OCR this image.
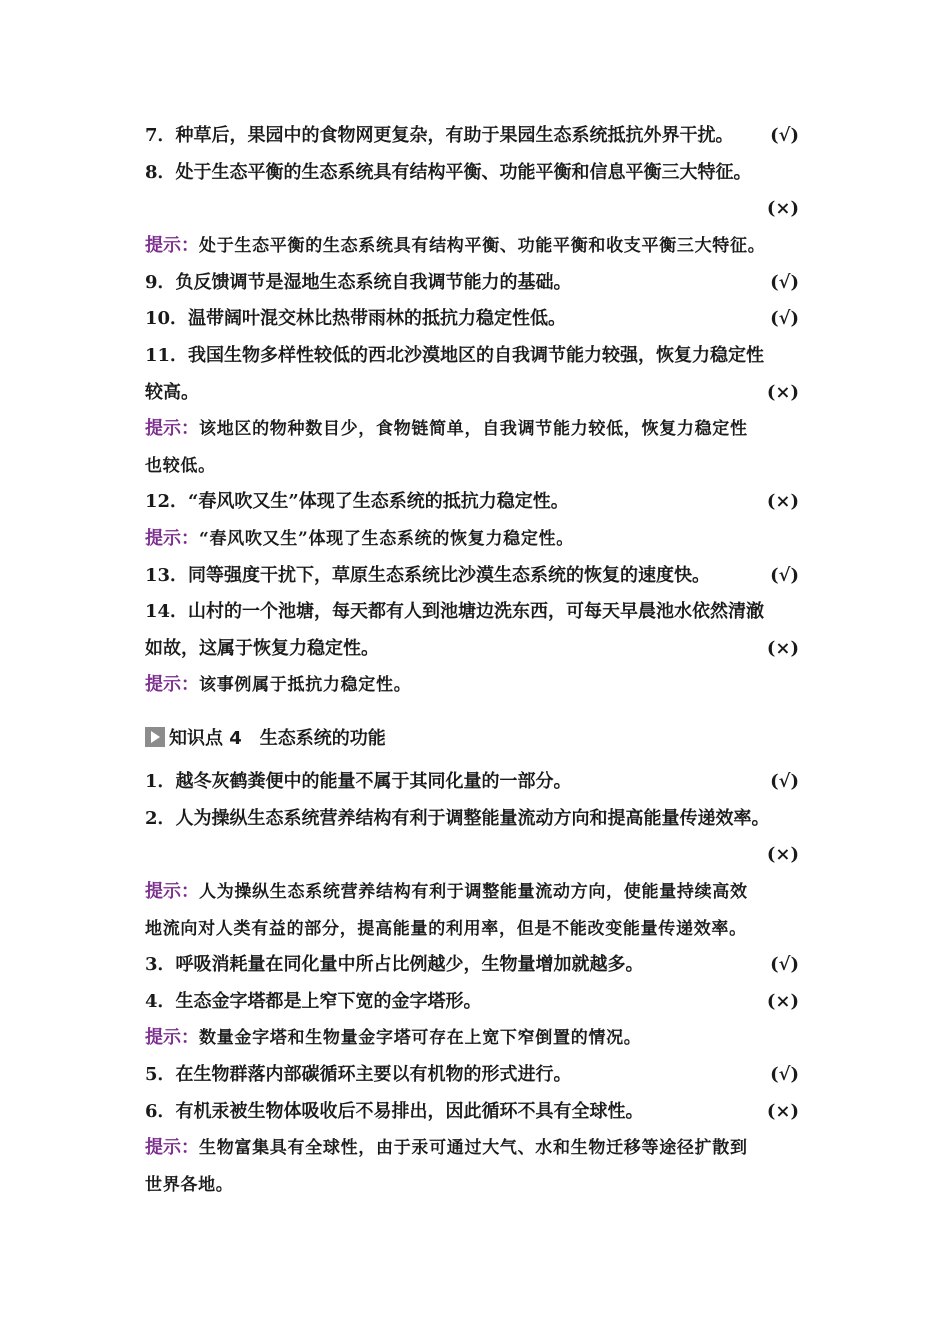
7．种草后，果园中的食物网更复杂，有助于果园生态系统抵抗外界干扰。 (√)
8．处于生态平衡的生态系统具有结构平衡、功能平衡和信息平衡三大特征。
(×)
提示：处于生态平衡的生态系统具有结构平衡、功能平衡和收支平衡三大特征。
9．负反馈调节是湿地生态系统自我调节能力的基础。	(√)
10．温带阔叶混交林比热带雨林的抵抗力稳定性低。	(√)
11．我国生物多样性较低的西北沙漠地区的自我调节能力较强，恢复力稳定性
较高。	(×)
提示：该地区的物种数目少，食物链简单，自我调节能力较低，恢复力稳定性
也较低。
12．“春风吹又生”体现了生态系统的抵抗力稳定性。	(×)
提示：“春风吹又生”体现了生态系统的恢复力稳定性。
13．同等强度干扰下，草原生态系统比沙漠生态系统的恢复的速度快。	(√)
14．山村的一个池塘，每天都有人到池塘边洗东西，可每天早晨池水依然清澈
如故，这属于恢复力稳定性。	(×)
提示：该事例属于抵抗力稳定性。
知识点 4 生态系统的功能
1．越冬灰鹤粪便中的能量不属于其同化量的一部分。	(√)
2．人为操纵生态系统营养结构有利于调整能量流动方向和提高能量传递效率。
(×)
提示：人为操纵生态系统营养结构有利于调整能量流动方向，使能量持续高效
地流向对人类有益的部分，提高能量的利用率，但是不能改变能量传递效率。
3．呼吸消耗量在同化量中所占比例越少，生物量增加就越多。	(√)
4．生态金字塔都是上窄下宽的金字塔形。	(×)
提示：数量金字塔和生物量金字塔可存在上宽下窄倒置的情况。
5．在生物群落内部碳循环主要以有机物的形式进行。	(√)
6．有机汞被生物体吸收后不易排出，因此循环不具有全球性。	(×)
提示：生物富集具有全球性，由于汞可通过大气、水和生物迁移等途径扩散到
世界各地。
